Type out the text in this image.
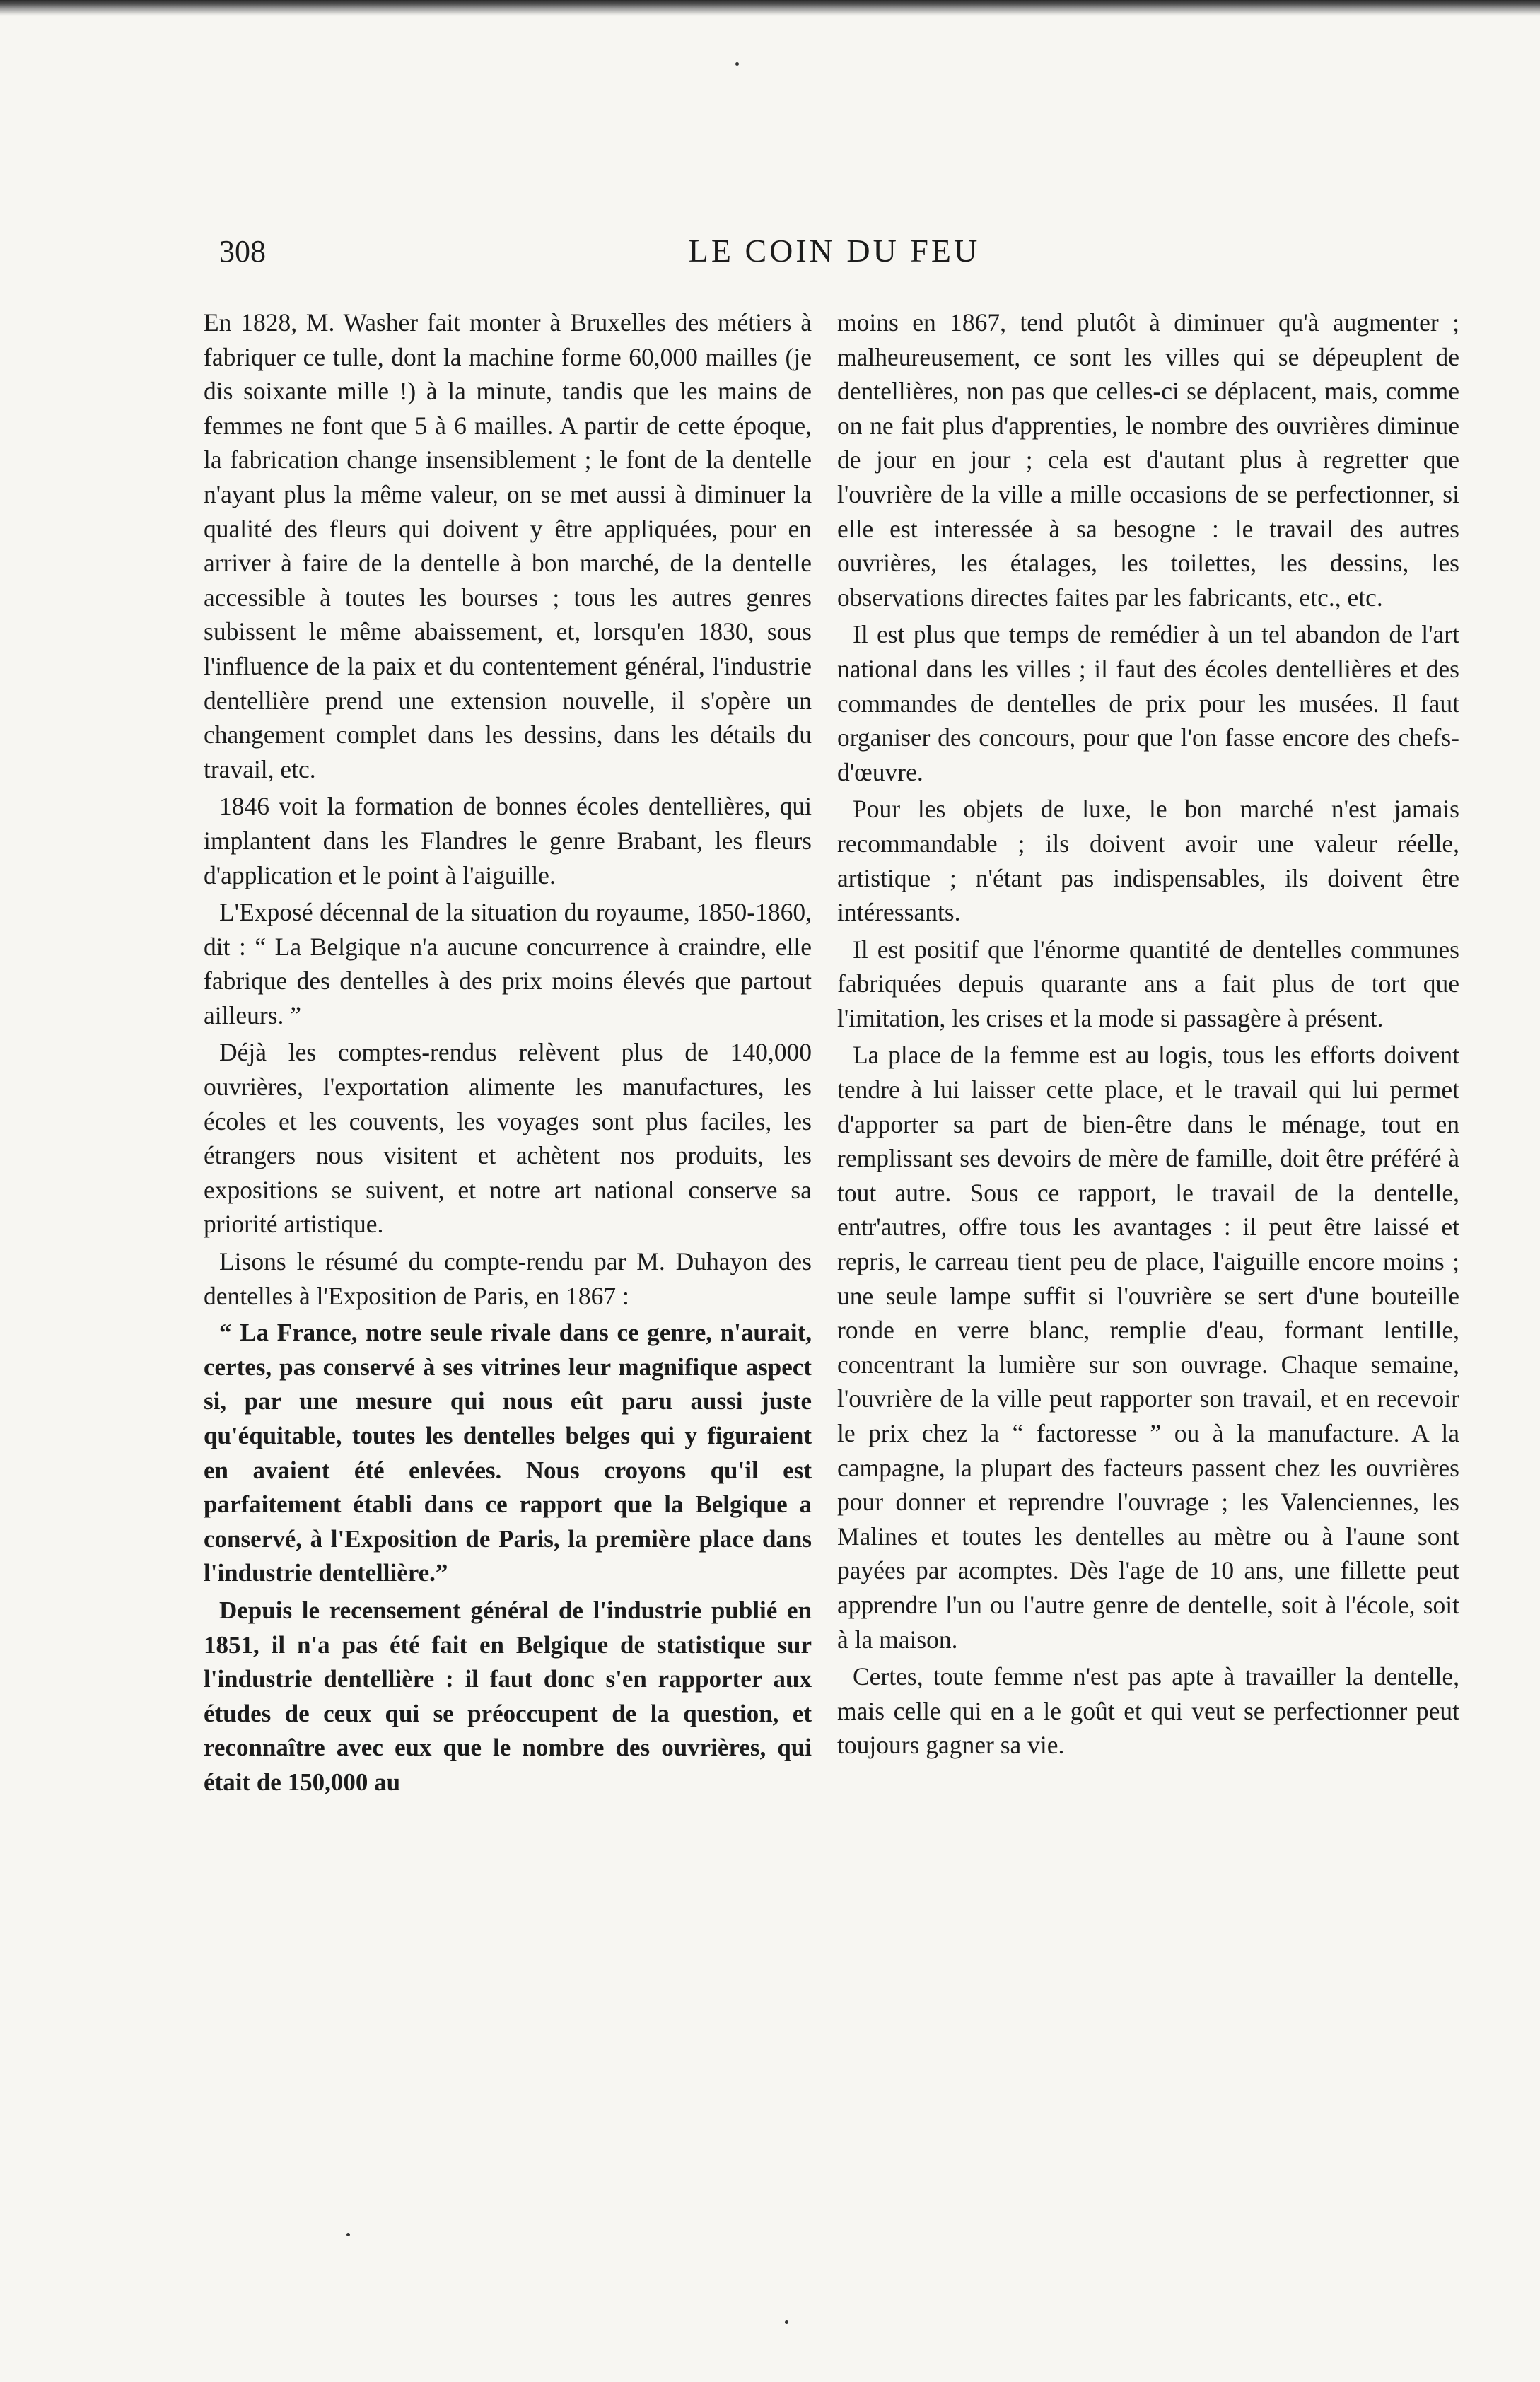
308	LE COIN DU FEU

En 1828, M. Washer fait monter à Bruxelles des métiers à fabriquer ce tulle, dont la machine forme 60,000 mailles (je dis soixante mille !) à la minute, tandis que les mains de femmes ne font que 5 à 6 mailles. A partir de cette époque, la fabrication change insensiblement ; le font de la dentelle n'ayant plus la même valeur, on se met aussi à diminuer la qualité des fleurs qui doivent y être appliquées, pour en arriver à faire de la dentelle à bon marché, de la dentelle accessible à toutes les bourses ; tous les autres genres subissent le même abaissement, et, lorsqu'en 1830, sous l'influence de la paix et du contentement général, l'industrie dentellière prend une extension nouvelle, il s'opère un changement complet dans les dessins, dans les détails du travail, etc.

1846 voit la formation de bonnes écoles dentellières, qui implantent dans les Flandres le genre Brabant, les fleurs d'application et le point à l'aiguille.

L'Exposé décennal de la situation du royaume, 1850-1860, dit : “ La Belgique n'a aucune concurrence à craindre, elle fabrique des dentelles à des prix moins élevés que partout ailleurs. ”

Déjà les comptes-rendus relèvent plus de 140,000 ouvrières, l'exportation alimente les manufactures, les écoles et les couvents, les voyages sont plus faciles, les étrangers nous visitent et achètent nos produits, les expositions se suivent, et notre art national conserve sa priorité artistique.

Lisons le résumé du compte-rendu par M. Duhayon des dentelles à l'Exposition de Paris, en 1867 :

“ La France, notre seule rivale dans ce genre, n'aurait, certes, pas conservé à ses vitrines leur magnifique aspect si, par une mesure qui nous eût paru aussi juste qu'équitable, toutes les dentelles belges qui y figuraient en avaient été enlevées. Nous croyons qu'il est parfaitement établi dans ce rapport que la Belgique a conservé, à l'Exposition de Paris, la première place dans l'industrie dentellière.”

Depuis le recensement général de l'industrie publié en 1851, il n'a pas été fait en Belgique de statistique sur l'industrie dentellière : il faut donc s'en rapporter aux études de ceux qui se préoccupent de la question, et reconnaître avec eux que le nombre des ouvrières, qui était de 150,000 au

moins en 1867, tend plutôt à diminuer qu'à augmenter ; malheureusement, ce sont les villes qui se dépeuplent de dentellières, non pas que celles-ci se déplacent, mais, comme on ne fait plus d'apprenties, le nombre des ouvrières diminue de jour en jour ; cela est d'autant plus à regretter que l'ouvrière de la ville a mille occasions de se perfectionner, si elle est interessée à sa besogne : le travail des autres ouvrières, les étalages, les toilettes, les dessins, les observations directes faites par les fabricants, etc., etc.

Il est plus que temps de remédier à un tel abandon de l'art national dans les villes ; il faut des écoles dentellières et des commandes de dentelles de prix pour les musées. Il faut organiser des concours, pour que l'on fasse encore des chefs-d'œuvre.

Pour les objets de luxe, le bon marché n'est jamais recommandable ; ils doivent avoir une valeur réelle, artistique ; n'étant pas indispensables, ils doivent être intéressants.

Il est positif que l'énorme quantité de dentelles communes fabriquées depuis quarante ans a fait plus de tort que l'imitation, les crises et la mode si passagère à présent.

La place de la femme est au logis, tous les efforts doivent tendre à lui laisser cette place, et le travail qui lui permet d'apporter sa part de bien-être dans le ménage, tout en remplissant ses devoirs de mère de famille, doit être préféré à tout autre. Sous ce rapport, le travail de la dentelle, entr'autres, offre tous les avantages : il peut être laissé et repris, le carreau tient peu de place, l'aiguille encore moins ; une seule lampe suffit si l'ouvrière se sert d'une bouteille ronde en verre blanc, remplie d'eau, formant lentille, concentrant la lumière sur son ouvrage. Chaque semaine, l'ouvrière de la ville peut rapporter son travail, et en recevoir le prix chez la “ factoresse ” ou à la manufacture. A la campagne, la plupart des facteurs passent chez les ouvrières pour donner et reprendre l'ouvrage ; les Valenciennes, les Malines et toutes les dentelles au mètre ou à l'aune sont payées par acomptes. Dès l'age de 10 ans, une fillette peut apprendre l'un ou l'autre genre de dentelle, soit à l'école, soit à la maison.

Certes, toute femme n'est pas apte à travailler la dentelle, mais celle qui en a le goût et qui veut se perfectionner peut toujours gagner sa vie.
